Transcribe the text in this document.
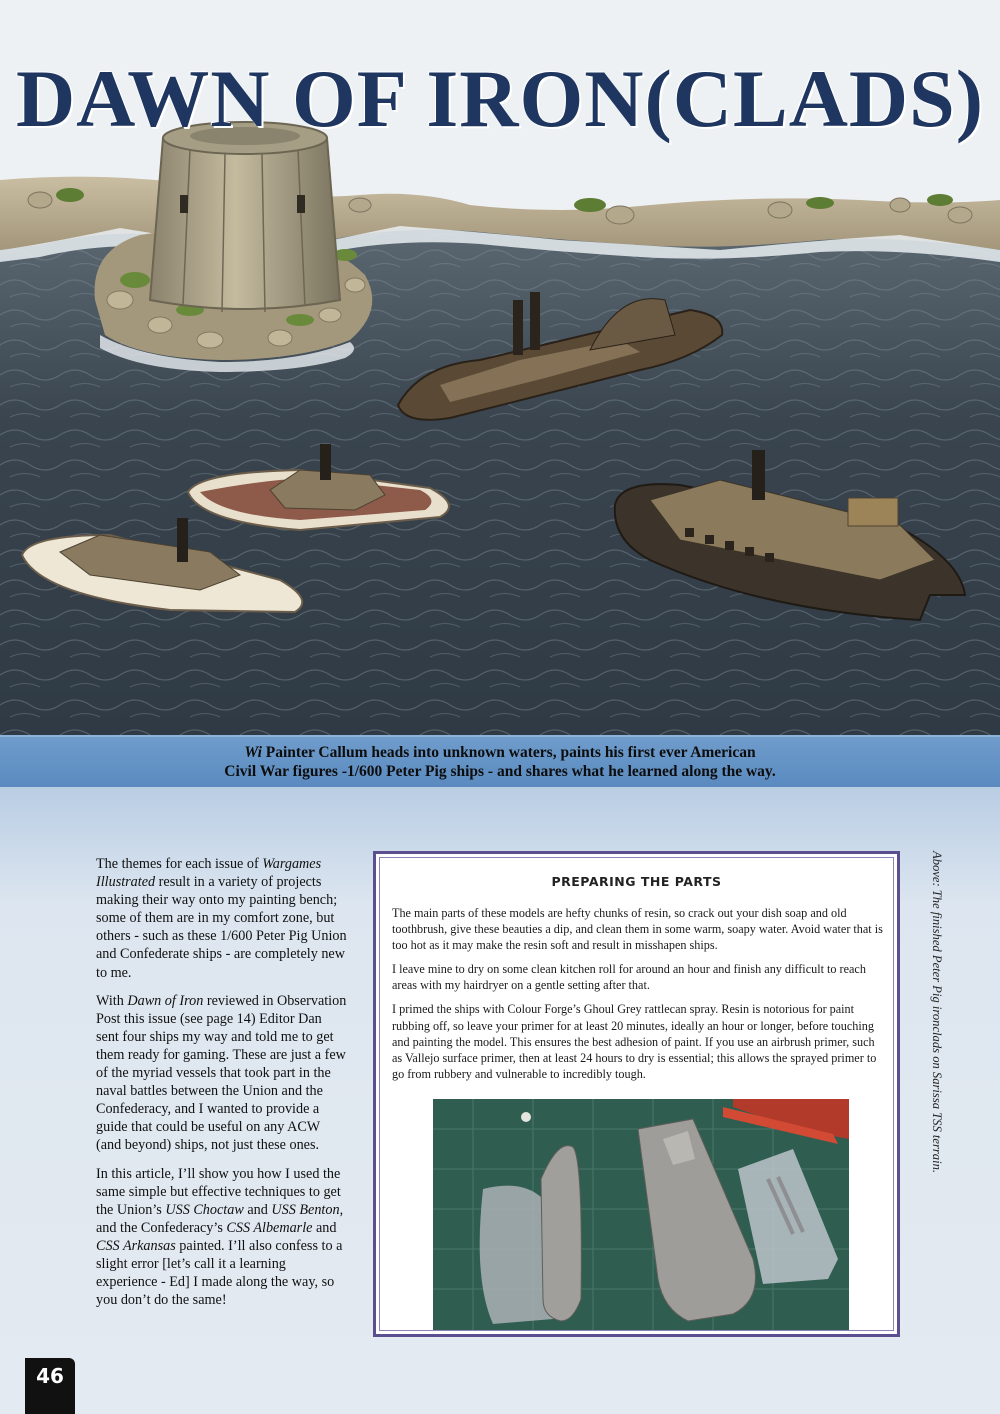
DAWN OF IRON(CLADS)
Wi Painter Callum heads into unknown waters, paints his first ever American
Civil War figures -1/600 Peter Pig ships - and shares what he learned along the way.

The themes for each issue of Wargames Illustrated result in a variety of projects making their way onto my painting bench; some of them are in my comfort zone, but others - such as these 1/600 Peter Pig Union and Confederate ships - are completely new to me.

With Dawn of Iron reviewed in Observation Post this issue (see page 14) Editor Dan sent four ships my way and told me to get them ready for gaming. These are just a few of the myriad vessels that took part in the naval battles between the Union and the Confederacy, and I wanted to provide a guide that could be useful on any ACW (and beyond) ships, not just these ones.

In this article, I’ll show you how I used the same simple but effective techniques to get the Union’s USS Choctaw and USS Benton, and the Confederacy’s CSS Albemarle and CSS Arkansas painted. I’ll also confess to a slight error [let’s call it a learning experience - Ed] I made along the way, so you don’t do the same!

PREPARING THE PARTS

The main parts of these models are hefty chunks of resin, so crack out your dish soap and old toothbrush, give these beauties a dip, and clean them in some warm, soapy water. Avoid water that is too hot as it may make the resin soft and result in misshapen ships.

I leave mine to dry on some clean kitchen roll for around an hour and finish any difficult to reach areas with my hairdryer on a gentle setting after that.

I primed the ships with Colour Forge’s Ghoul Grey rattlecan spray. Resin is notorious for paint rubbing off, so leave your primer for at least 20 minutes, ideally an hour or longer, before touching and painting the model. This ensures the best adhesion of paint. If you use an airbrush primer, such as Vallejo surface primer, then at least 24 hours to dry is essential; this allows the sprayed primer to go from rubbery and vulnerable to incredibly tough.	Above: The finished Peter Pig ironclads on Sarissa TSS terrain.
46
